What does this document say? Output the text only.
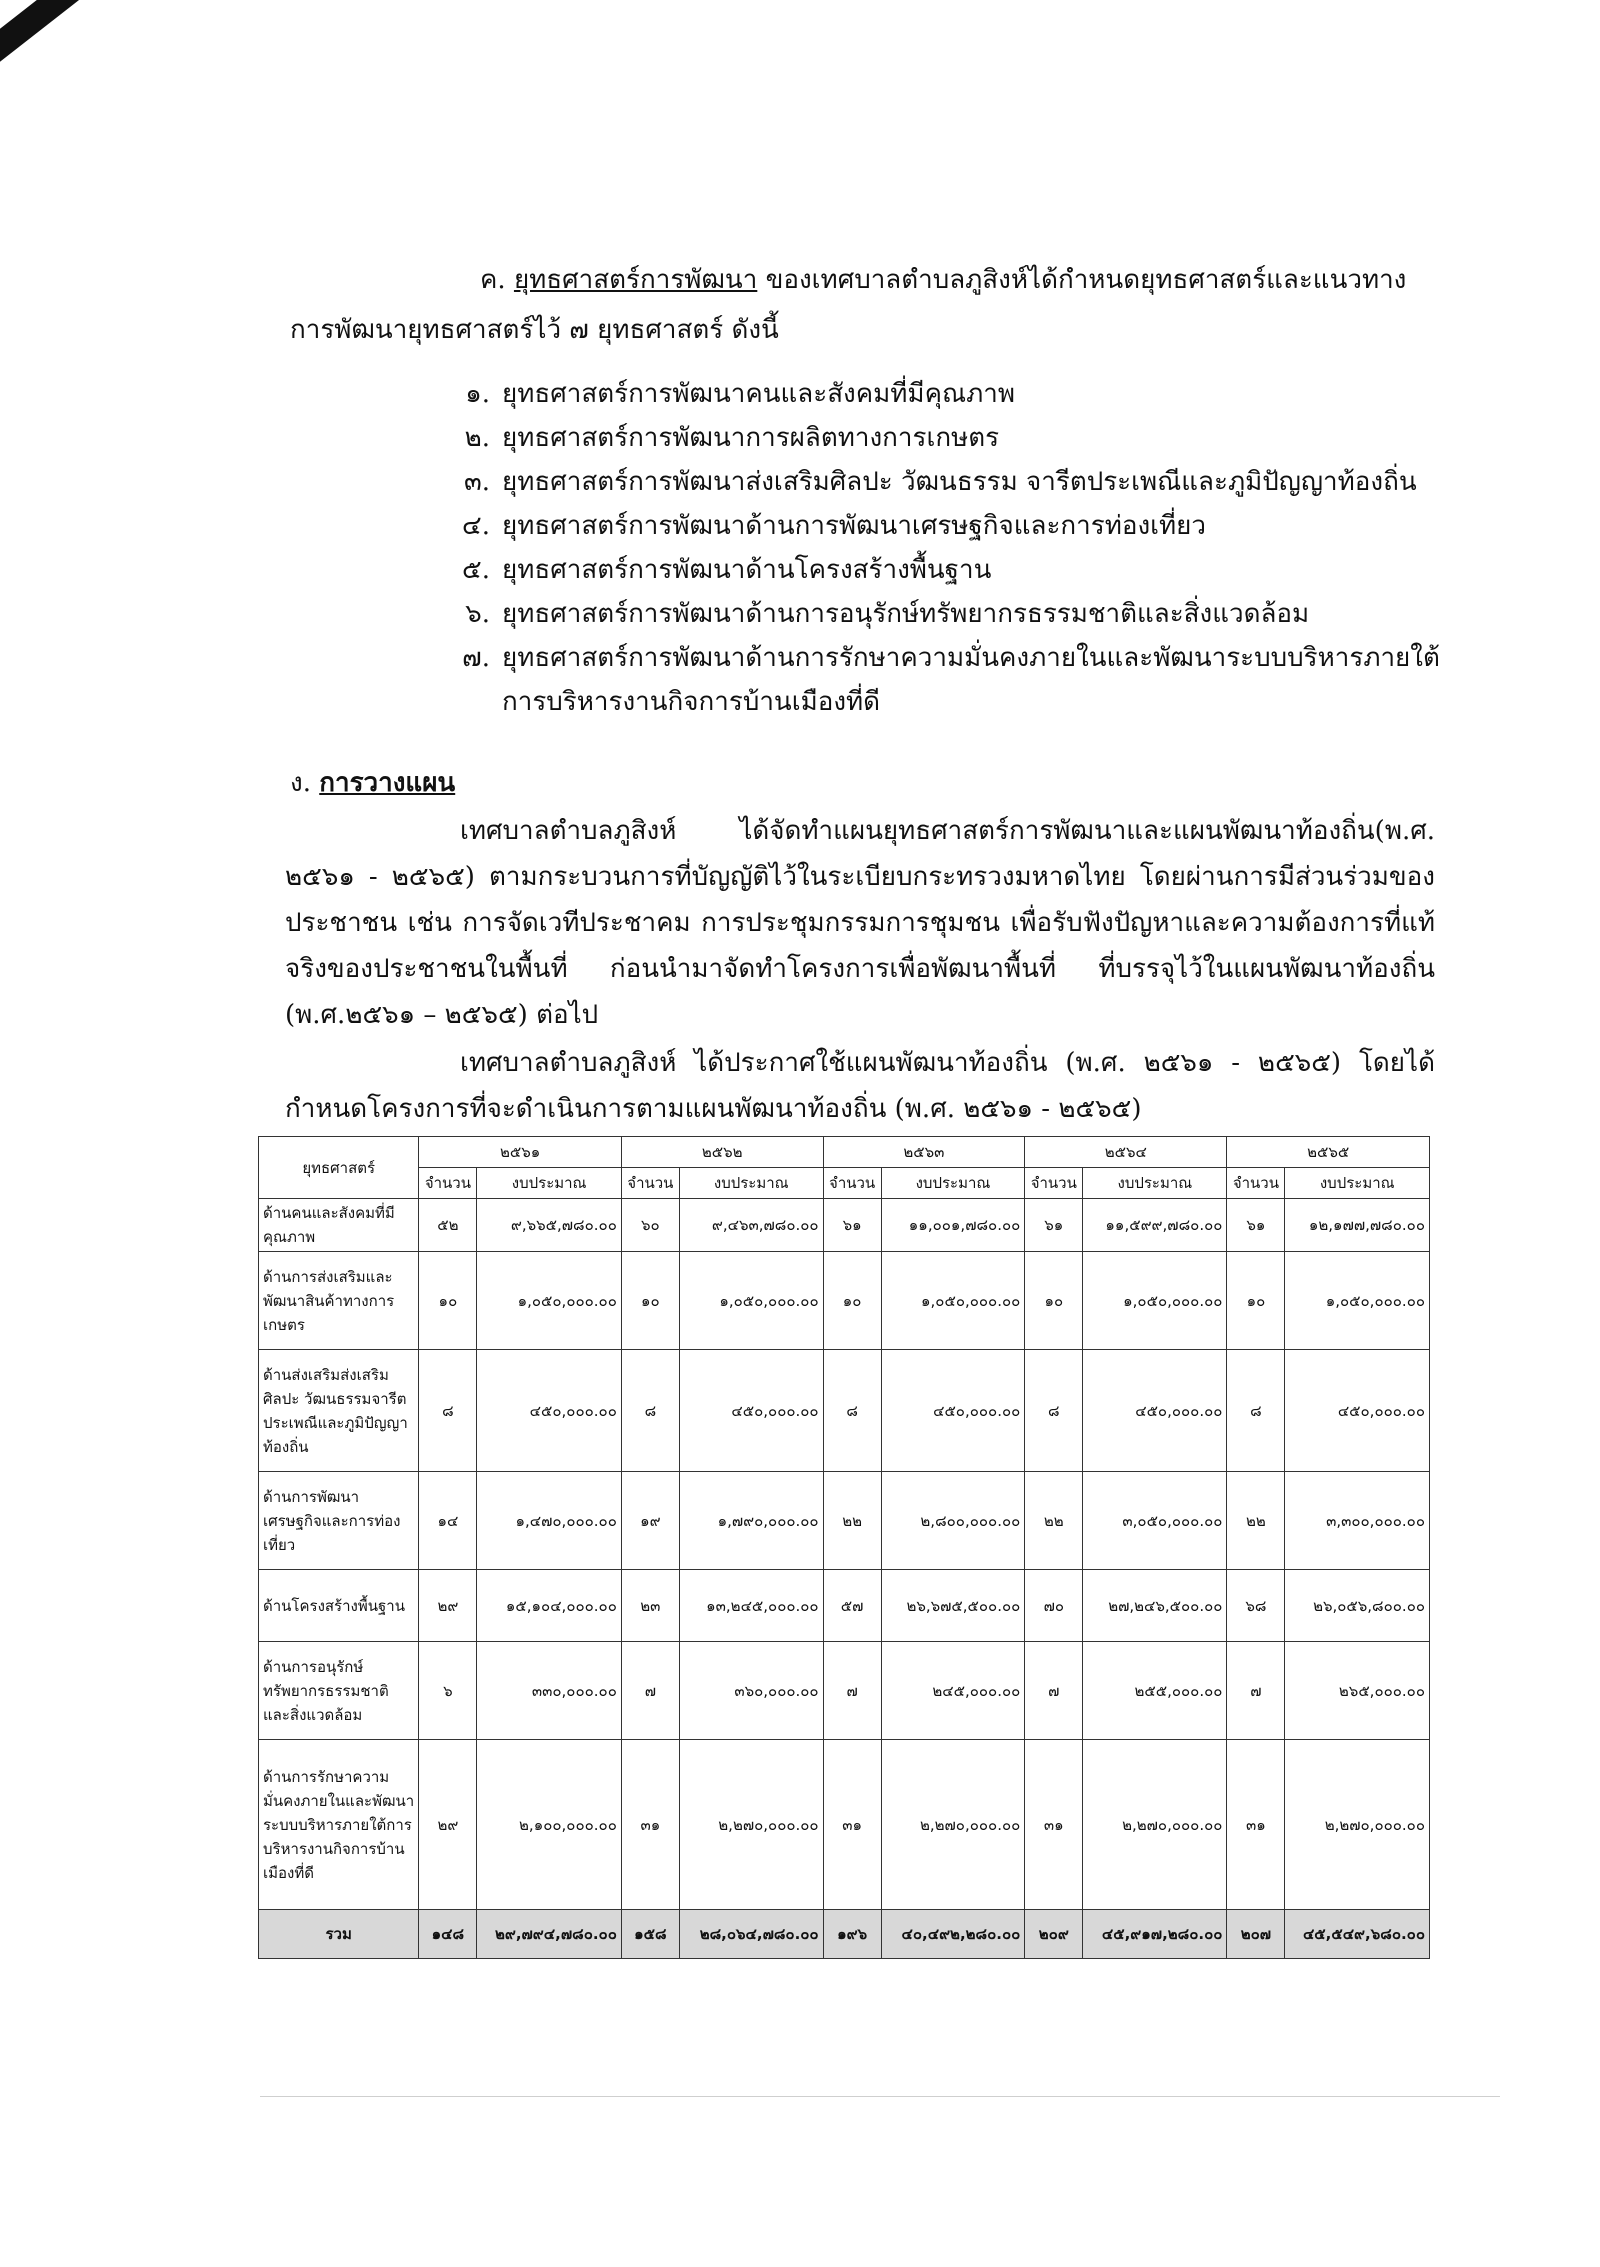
ค. ยุทธศาสตร์การพัฒนา ของเทศบาลตำบลภูสิงห์ได้กำหนดยุทธศาสตร์และแนวทางการพัฒนายุทธศาสตร์ไว้ ๗ ยุทธศาสตร์ ดังนี้

๑. ยุทธศาสตร์การพัฒนาคนและสังคมที่มีคุณภาพ
๒. ยุทธศาสตร์การพัฒนาการผลิตทางการเกษตร
๓. ยุทธศาสตร์การพัฒนาส่งเสริมศิลปะ วัฒนธรรม จารีตประเพณีและภูมิปัญญาท้องถิ่น
๔. ยุทธศาสตร์การพัฒนาด้านการพัฒนาเศรษฐกิจและการท่องเที่ยว
๕. ยุทธศาสตร์การพัฒนาด้านโครงสร้างพื้นฐาน
๖. ยุทธศาสตร์การพัฒนาด้านการอนุรักษ์ทรัพยากรธรรมชาติและสิ่งแวดล้อม
๗. ยุทธศาสตร์การพัฒนาด้านการรักษาความมั่นคงภายในและพัฒนาระบบบริหารภายใต้การบริหารงานกิจการบ้านเมืองที่ดี
ง. การวางแผน

เทศบาลตำบลภูสิงห์ ได้จัดทำแผนยุทธศาสตร์การพัฒนาและแผนพัฒนาท้องถิ่น(พ.ศ. ๒๕๖๑ - ๒๕๖๕) ตามกระบวนการที่บัญญัติไว้ในระเบียบกระทรวงมหาดไทย โดยผ่านการมีส่วนร่วมของประชาชน เช่น การจัดเวทีประชาคม การประชุมกรรมการชุมชน เพื่อรับฟังปัญหาและความต้องการที่แท้จริงของประชาชนในพื้นที่ ก่อนนำมาจัดทำโครงการเพื่อพัฒนาพื้นที่ ที่บรรจุไว้ในแผนพัฒนาท้องถิ่น (พ.ศ.๒๕๖๑ – ๒๕๖๕) ต่อไป

เทศบาลตำบลภูสิงห์ ได้ประกาศใช้แผนพัฒนาท้องถิ่น (พ.ศ. ๒๕๖๑ - ๒๕๖๕) โดยได้กำหนดโครงการที่จะดำเนินการตามแผนพัฒนาท้องถิ่น (พ.ศ. ๒๕๖๑ - ๒๕๖๕)

ยุทธศาสตร์	๒๕๖๑		๒๕๖๒		๒๕๖๓		๒๕๖๔		๒๕๖๕	
	จำนวน	งบประมาณ	จำนวน	งบประมาณ	จำนวน	งบประมาณ	จำนวน	งบประมาณ	จำนวน	งบประมาณ
ด้านคนและสังคมที่มีคุณภาพ	๕๒	๙,๖๖๕,๗๘๐.๐๐	๖๐	๙,๔๖๓,๗๘๐.๐๐	๖๑	๑๑,๐๐๑,๗๘๐.๐๐	๖๑	๑๑,๕๙๙,๗๘๐.๐๐	๖๑	๑๒,๑๗๗,๗๘๐.๐๐
ด้านการส่งเสริมและพัฒนาสินค้าทางการเกษตร	๑๐	๑,๐๕๐,๐๐๐.๐๐	๑๐	๑,๐๕๐,๐๐๐.๐๐	๑๐	๑,๐๕๐,๐๐๐.๐๐	๑๐	๑,๐๕๐,๐๐๐.๐๐	๑๐	๑,๐๕๐,๐๐๐.๐๐
ด้านส่งเสริมส่งเสริมศิลปะ วัฒนธรรมจารีตประเพณีและภูมิปัญญาท้องถิ่น	๘	๔๕๐,๐๐๐.๐๐	๘	๔๕๐,๐๐๐.๐๐	๘	๔๕๐,๐๐๐.๐๐	๘	๔๕๐,๐๐๐.๐๐	๘	๔๕๐,๐๐๐.๐๐
ด้านการพัฒนาเศรษฐกิจและการท่องเที่ยว	๑๔	๑,๔๗๐,๐๐๐.๐๐	๑๙	๑,๗๙๐,๐๐๐.๐๐	๒๒	๒,๘๐๐,๐๐๐.๐๐	๒๒	๓,๐๕๐,๐๐๐.๐๐	๒๒	๓,๓๐๐,๐๐๐.๐๐
ด้านโครงสร้างพื้นฐาน	๒๙	๑๕,๑๐๔,๐๐๐.๐๐	๒๓	๑๓,๒๔๕,๐๐๐.๐๐	๕๗	๒๖,๖๗๕,๕๐๐.๐๐	๗๐	๒๗,๒๔๖,๕๐๐.๐๐	๖๘	๒๖,๐๕๖,๘๐๐.๐๐
ด้านการอนุรักษ์ทรัพยากรธรรมชาติและสิ่งแวดล้อม	๖	๓๓๐,๐๐๐.๐๐	๗	๓๖๐,๐๐๐.๐๐	๗	๒๔๕,๐๐๐.๐๐	๗	๒๕๕,๐๐๐.๐๐	๗	๒๖๕,๐๐๐.๐๐
ด้านการรักษาความมั่นคงภายในและพัฒนาระบบบริหารภายใต้การบริหารงานกิจการบ้านเมืองที่ดี	๒๙	๒,๑๐๐,๐๐๐.๐๐	๓๑	๒,๒๗๐,๐๐๐.๐๐	๓๑	๒,๒๗๐,๐๐๐.๐๐	๓๑	๒,๒๗๐,๐๐๐.๐๐	๓๑	๒,๒๗๐,๐๐๐.๐๐
รวม	๑๔๘	๒๙,๗๙๔,๗๘๐.๐๐	๑๕๘	๒๘,๐๖๔,๗๘๐.๐๐	๑๙๖	๔๐,๔๙๒,๒๘๐.๐๐	๒๐๙	๔๕,๙๑๗,๒๘๐.๐๐	๒๐๗	๔๕,๕๔๙,๖๘๐.๐๐
